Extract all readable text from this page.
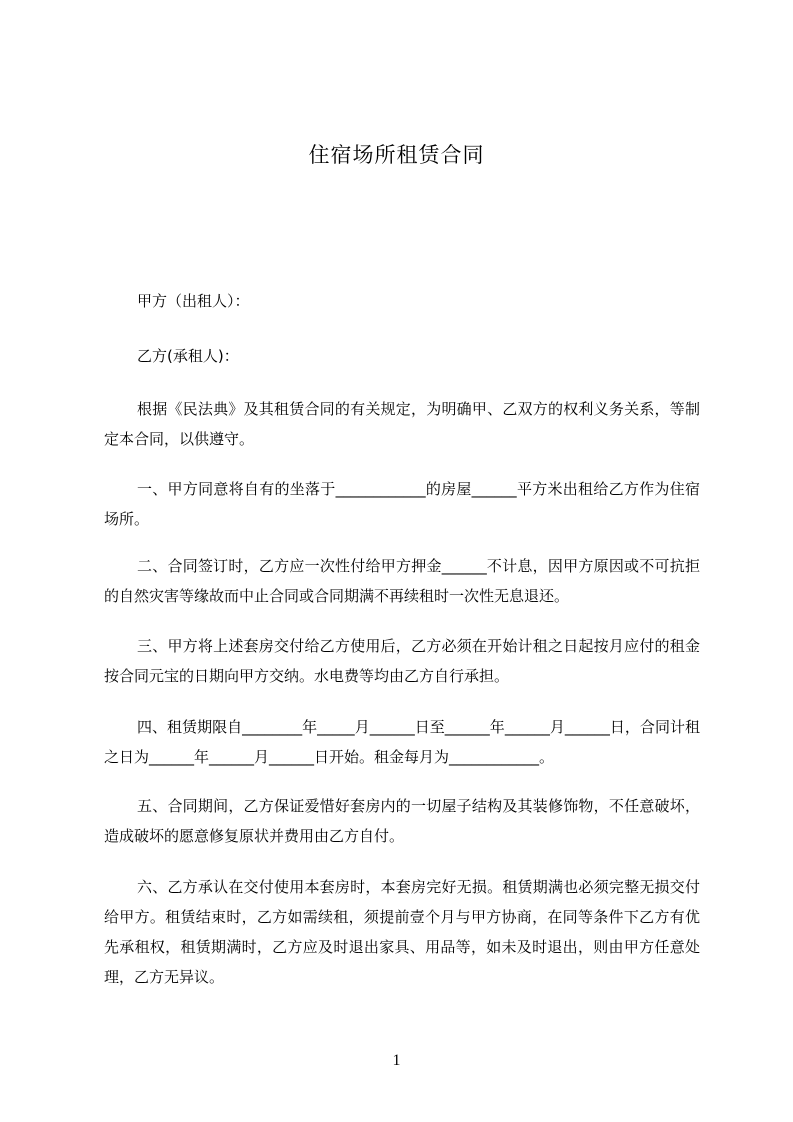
住宿场所租赁合同
甲方（出租人）：
乙方(承租人)：
根据《民法典》及其租赁合同的有关规定，为明确甲、乙双方的权利义务关系，等制定本合同，以供遵守。
一、甲方同意将自有的坐落于____________的房屋______平方米出租给乙方作为住宿场所。
二、合同签订时，乙方应一次性付给甲方押金______不计息，因甲方原因或不可抗拒的自然灾害等缘故而中止合同或合同期满不再续租时一次性无息退还。
三、甲方将上述套房交付给乙方使用后，乙方必须在开始计租之日起按月应付的租金按合同元宝的日期向甲方交纳。水电费等均由乙方自行承担。
四、租赁期限自________年_____月______日至______年______月______日，合同计租之日为______年______月______日开始。租金每月为____________。
五、合同期间，乙方保证爱惜好套房内的一切屋子结构及其装修饰物，不任意破坏，造成破坏的愿意修复原状并费用由乙方自付。
六、乙方承认在交付使用本套房时，本套房完好无损。租赁期满也必须完整无损交付给甲方。租赁结束时，乙方如需续租，须提前壹个月与甲方协商，在同等条件下乙方有优先承租权，租赁期满时，乙方应及时退出家具、用品等，如未及时退出，则由甲方任意处理，乙方无异议。
1
